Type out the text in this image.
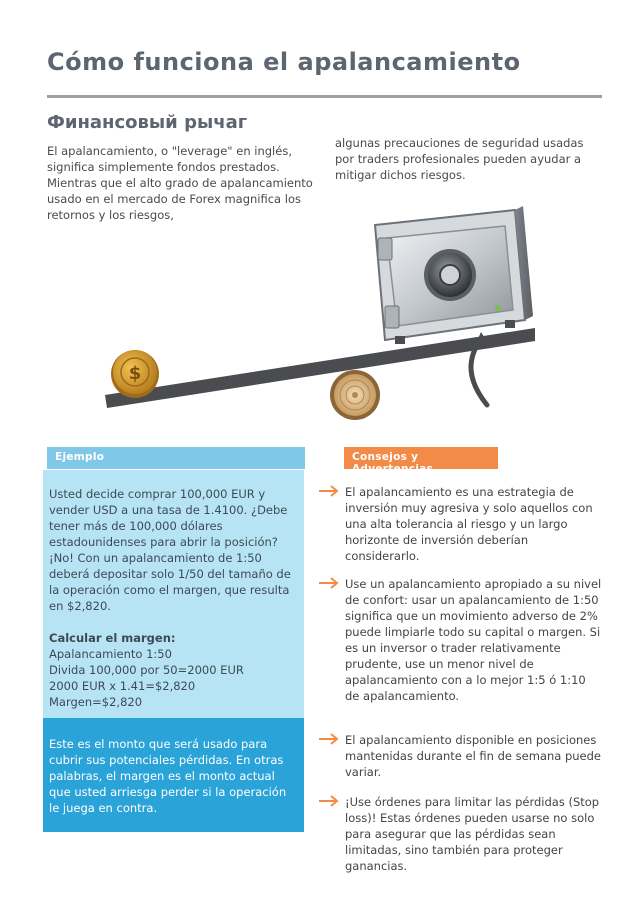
Cómo funciona el apalancamiento
Финансовый рычаг
El apalancamiento, o "leverage" en inglés, significa simplemente fondos prestados. Mientras que el alto grado de apalancamiento usado en el mercado de Forex magnifica los retornos y los riesgos,
algunas precauciones de seguridad usadas por traders profesionales pueden ayudar a mitigar dichos riesgos.
$
Ejemplo	Consejos y Advertencias

Usted decide comprar 100,000 EUR y vender USD a una tasa de 1.4100. ¿Debe tener más de 100,000 dólares estadounidenses para abrir la posición? ¡No! Con un apalancamiento de 1:50 deberá depositar solo 1/50 del tamaño de la operación como el margen, que resulta en $2,820.

Calcular el margen:
Apalancamiento 1:50
Divida 100,000 por 50=2000 EUR
2000 EUR x 1.41=$2,820
Margen=$2,820
Este es el monto que será usado para cubrir sus potenciales pérdidas. En otras palabras, el margen es el monto actual que usted arriesga perder si la operación le juega en contra.
El apalancamiento es una estrategia de inversión muy agresiva y solo aquellos con una alta tolerancia al riesgo y un largo horizonte de inversión deberían considerarlo.
Use un apalancamiento apropiado a su nivel de confort: usar un apalancamiento de 1:50 significa que un movimiento adverso de 2% puede limpiarle todo su capital o margen. Si es un inversor o trader relativamente prudente, use un menor nivel de apalancamiento con a lo mejor 1:5 ó 1:10 de apalancamiento.
El apalancamiento disponible en posiciones mantenidas durante el fin de semana puede variar.
¡Use órdenes para limitar las pérdidas (Stop loss)! Estas órdenes pueden usarse no solo para asegurar que las pérdidas sean limitadas, sino también para proteger ganancias.
